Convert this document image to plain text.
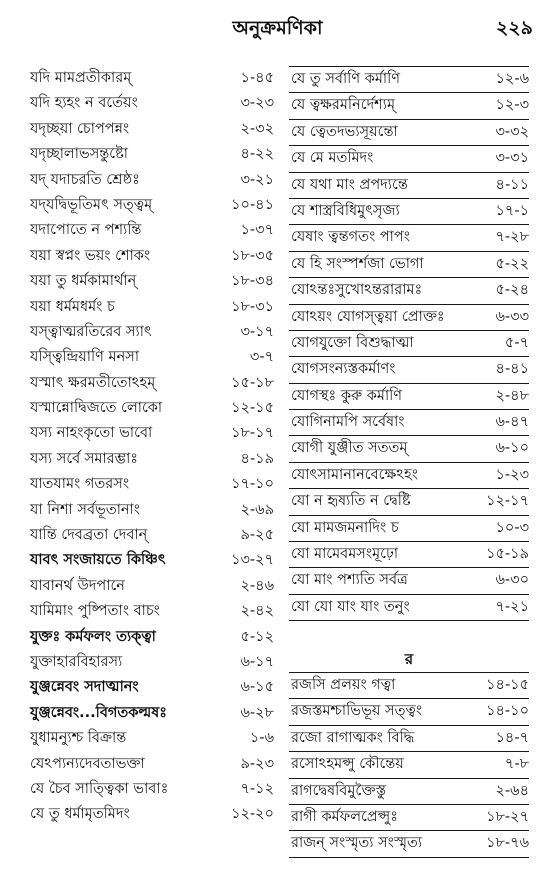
অনুক্রমণিকা	২২৯
যদি মামপ্রতীকারম্	১-৪৫
যদি হ্যহং ন বর্তেয়ং	৩-২৩
যদৃচ্ছয়া চোপপন্নং	২-৩২
যদৃচ্ছালাভসন্তুষ্টো	৪-২২
যদ্‌ যদাচরতি শ্রেষ্ঠঃ	৩-২১
যদ্‌যদ্বিভূতিমৎ সত্ত্বম্	১০-৪১
যদাপোতে ন পশ্যন্তি	১-৩৭
যয়া স্বপ্নং ভয়ং শোকং	১৮-৩৫
যয়া তু ধর্মকামার্থান্	১৮-৩৪
যয়া ধর্মমধর্মং চ	১৮-৩১
যস্ত্বাত্মরতিরেব স্যাৎ	৩-১৭
যস্ত্বিন্দ্রিয়াণি মনসা	৩-৭
যস্মাৎ ক্ষরমতীতোঽহম্	১৫-১৮
যস্মান্নোদ্বিজতে লোকো	১২-১৫
যস্য নাহংকৃতো ভাবো	১৮-১৭
যস্য সর্বে সমারম্ভাঃ	৪-১৯
যাতযামং গতরসং	১৭-১০
যা নিশা সর্বভূতানাং	২-৬৯
যান্তি দেবব্রতা দেবান্	৯-২৫
যাবৎ সংজায়তে কিঞ্চিৎ	১৩-২৭
যাবানর্থ উদপানে	২-৪৬
যামিমাং পুষ্পিতাং বাচং	২-৪২
যুক্তঃ কর্মফলং ত্যক্ত্বা	৫-১২
যুক্তাহারবিহারস্য	৬-১৭
যুঞ্জন্নেবং সদাত্মানং	৬-১৫
যুঞ্জন্নেবং...বিগতকল্মষঃ	৬-২৮
যুধামন্যুশ্চ বিক্রান্ত	১-৬
যেঽপ্যন্যদেবতাভক্তা	৯-২৩
যে চৈব সাত্ত্বিকা ভাবাঃ	৭-১২
যে তু ধর্মামৃতমিদং	১২-২০
যে তু সর্বাণি কর্মাণি	১২-৬
যে ত্বক্ষরমনির্দেশ্যম্	১২-৩
যে ত্বেতদভ্যসূয়ন্তো	৩-৩২
যে মে মতমিদং	৩-৩১
যে যথা মাং প্রপদ্যন্তে	৪-১১
যে শাস্ত্রবিধিমুৎসৃজ্য	১৭-১
যেষাং ত্বন্তগতং পাপং	৭-২৮
যে হি সংস্পর্শজা ভোগা	৫-২২
যোঽন্তঃসুখোঽন্তরারামঃ	৫-২৪
যোঽয়ং যোগস্ত্বয়া প্রোক্তঃ	৬-৩৩
যোগযুক্তো বিশুদ্ধাত্মা	৫-৭
যোগসংন্যস্তকর্মাণং	৪-৪১
যোগস্থঃ কুরু কর্মাণি	২-৪৮
যোগিনামপি সর্বেষাং	৬-৪৭
যোগী যুঞ্জীত সততম্	৬-১০
যোৎসামানানবেক্ষেঽহং	১-২৩
যো ন হৃষ্যতি ন দ্বেষ্টি	১২-১৭
যো মামজমনাদিং চ	১০-৩
যো মামেবমসংমূঢ়ো	১৫-১৯
যো মাং পশ্যতি সর্বত্র	৬-৩০
যো যো যাং যাং তনুং	৭-২১
র
রজসি প্রলয়ং গত্বা	১৪-১৫
রজস্তমশ্চাভিভূয় সত্ত্বং	১৪-১০
রজো রাগাত্মকং বিদ্ধি	১৪-৭
রসোঽহমপ্সু কৌন্তেয়	৭-৮
রাগদ্বেষবিমুক্তৈস্তু	২-৬৪
রাগী কর্মফলপ্রেপ্সুঃ	১৮-২৭
রাজন্ সংস্মৃত্য সংস্মৃত্য	১৮-৭৬
